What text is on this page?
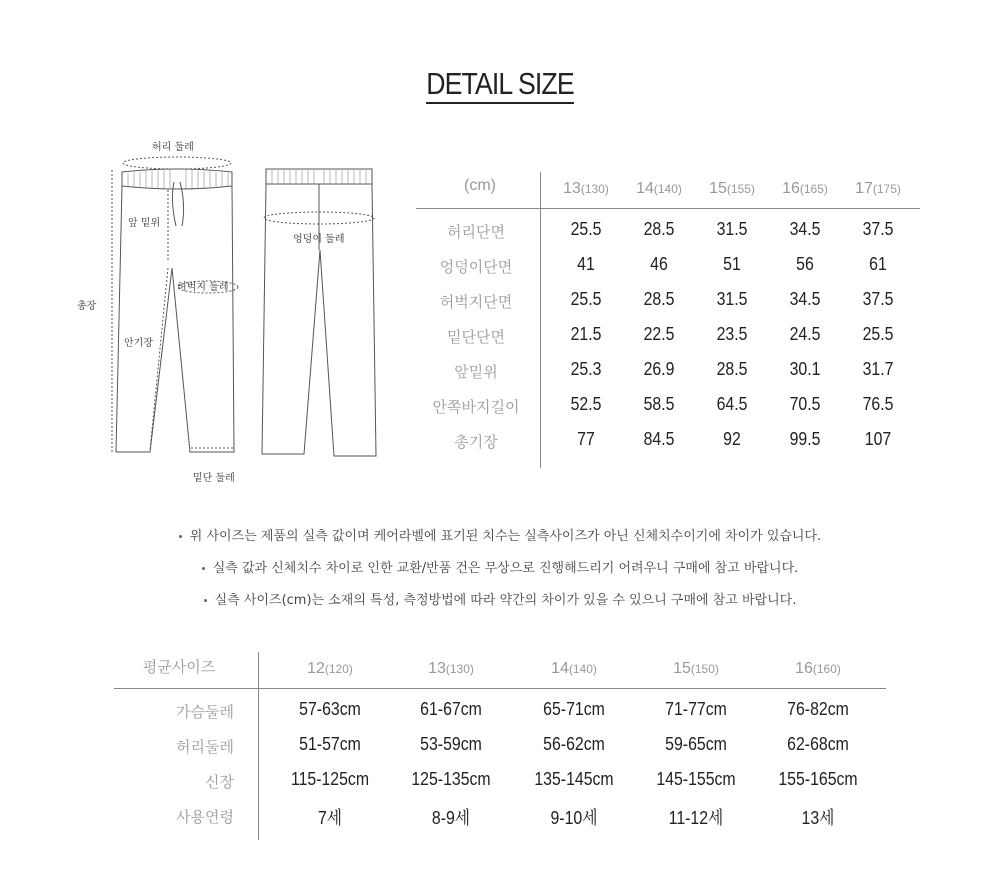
DETAIL SIZE
허리 둘레
앞 밑위
엉덩이 둘레
총장
허벅지 둘레
안기장
밑단 둘레
(cm)	13(130)	14(140)	15(155)	16(165)	17(175)
허리단면	25.5	28.5	31.5	34.5	37.5
엉덩이단면	41	46	51	56	61
허벅지단면	25.5	28.5	31.5	34.5	37.5
밑단단면	21.5	22.5	23.5	24.5	25.5
앞밑위	25.3	26.9	28.5	30.1	31.7
안쪽바지길이	52.5	58.5	64.5	70.5	76.5
총기장	77	84.5	92	99.5	107
위 사이즈는 제품의 실측 값이며 케어라벨에 표기된 치수는 실측사이즈가 아닌 신체치수이기에 차이가 있습니다.
실측 값과 신체치수 차이로 인한 교환/반품 건은 무상으로 진행해드리기 어려우니 구매에 참고 바랍니다.
실측 사이즈(cm)는 소재의 특성, 측정방법에 따라 약간의 차이가 있을 수 있으니 구매에 참고 바랍니다.
평균사이즈	12(120)	13(130)	14(140)	15(150)	16(160)
가슴둘레	57-63cm	61-67cm	65-71cm	71-77cm	76-82cm
허리둘레	51-57cm	53-59cm	56-62cm	59-65cm	62-68cm
신장	115-125cm	125-135cm	135-145cm	145-155cm	155-165cm
사용연령	7세	8-9세	9-10세	11-12세	13세
